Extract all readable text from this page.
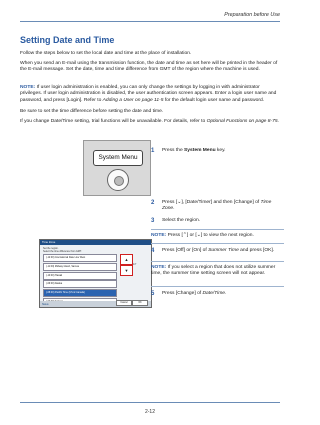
Preparation before Use
Setting Date and Time

Follow the steps below to set the local date and time at the place of installation.

When you send an E-mail using the transmission function, the date and time as set here will be printed in the header of the E-mail message. Set the date, time and time difference from GMT of the region where the machine is used.

NOTE: If user login administration is enabled, you can only change the settings by logging in with administrator privileges. If user login administration is disabled, the user authentication screen appears. Enter a login user name and password, and press [Login]. Refer to Adding a User on page 11-5 for the default login user name and password.

Be sure to set the time difference before setting the date and time.

If you change Date/Time setting, trial functions will be unavailable. For details, refer to Optional Functions on page 8-75.

System Menu
Time Zone
Set the region.
Select the time difference from GMT.
(-12:00) International Date Line West
(-11:00) Midway Island, Samoa
(-10:00) Hawaii
(-09:00) Alaska
(-08:00) Pacific Time (US & Canada)
▲
▼
1/7
Status
Cancel	OK
1 Press the System Menu key.
2 Press [⌄], [Date/Timer] and then [Change] of Time Zone.
3 Select the region.
NOTE: Press [⌃] or [⌄] to view the next region.
4 Press [Off] or [On] of Summer Time and press [OK].
NOTE: If you select a region that does not utilize summer time, the summer time setting screen will not appear.
5 Press [Change] of Date/Time.
2-12
